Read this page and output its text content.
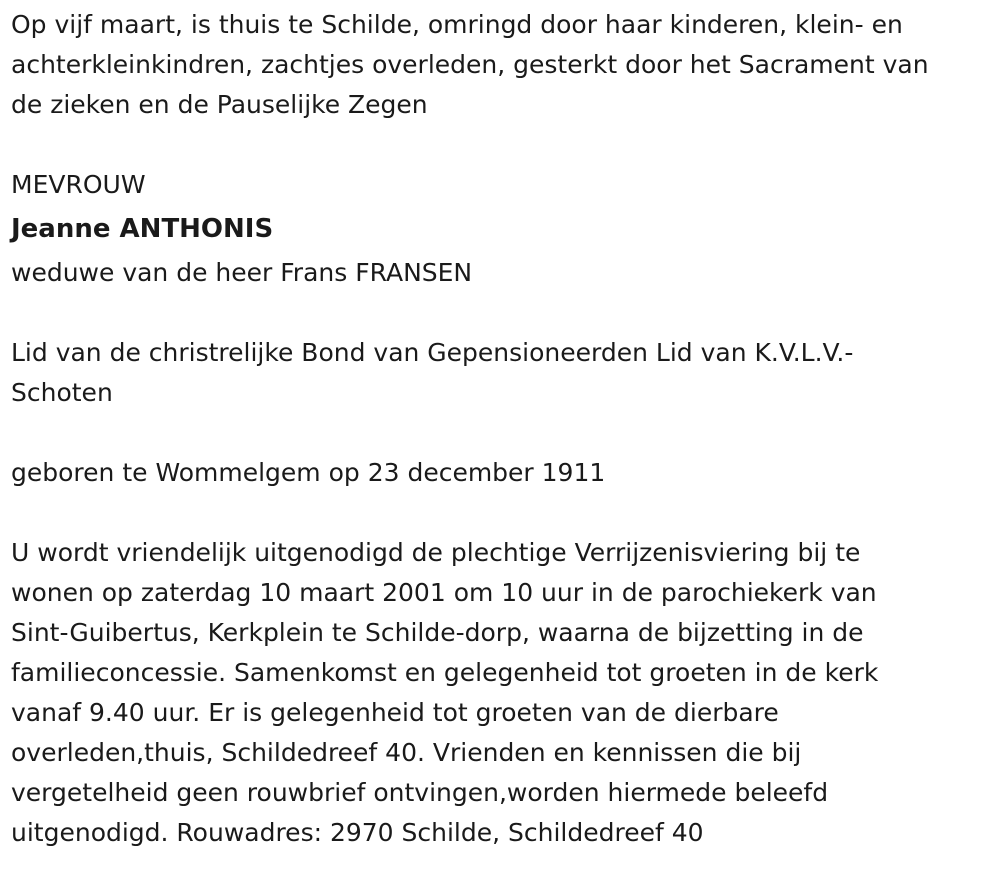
Op vijf maart, is thuis te Schilde, omringd door haar kinderen, klein- en

achterkleinkindren, zachtjes overleden, gesterkt door het Sacrament van

de zieken en de Pauselijke Zegen

MEVROUW

Jeanne ANTHONIS

weduwe van de heer Frans FRANSEN

Lid van de christrelijke Bond van Gepensioneerden Lid van K.V.L.V.-

Schoten

geboren te Wommelgem op 23 december 1911

U wordt vriendelijk uitgenodigd de plechtige Verrijzenisviering bij te

wonen op zaterdag 10 maart 2001 om 10 uur in de parochiekerk van

Sint-Guibertus, Kerkplein te Schilde-dorp, waarna de bijzetting in de

familieconcessie. Samenkomst en gelegenheid tot groeten in de kerk

vanaf 9.40 uur. Er is gelegenheid tot groeten van de dierbare

overleden,thuis, Schildedreef 40. Vrienden en kennissen die bij

vergetelheid geen rouwbrief ontvingen,worden hiermede beleefd

uitgenodigd. Rouwadres: 2970 Schilde, Schildedreef 40
